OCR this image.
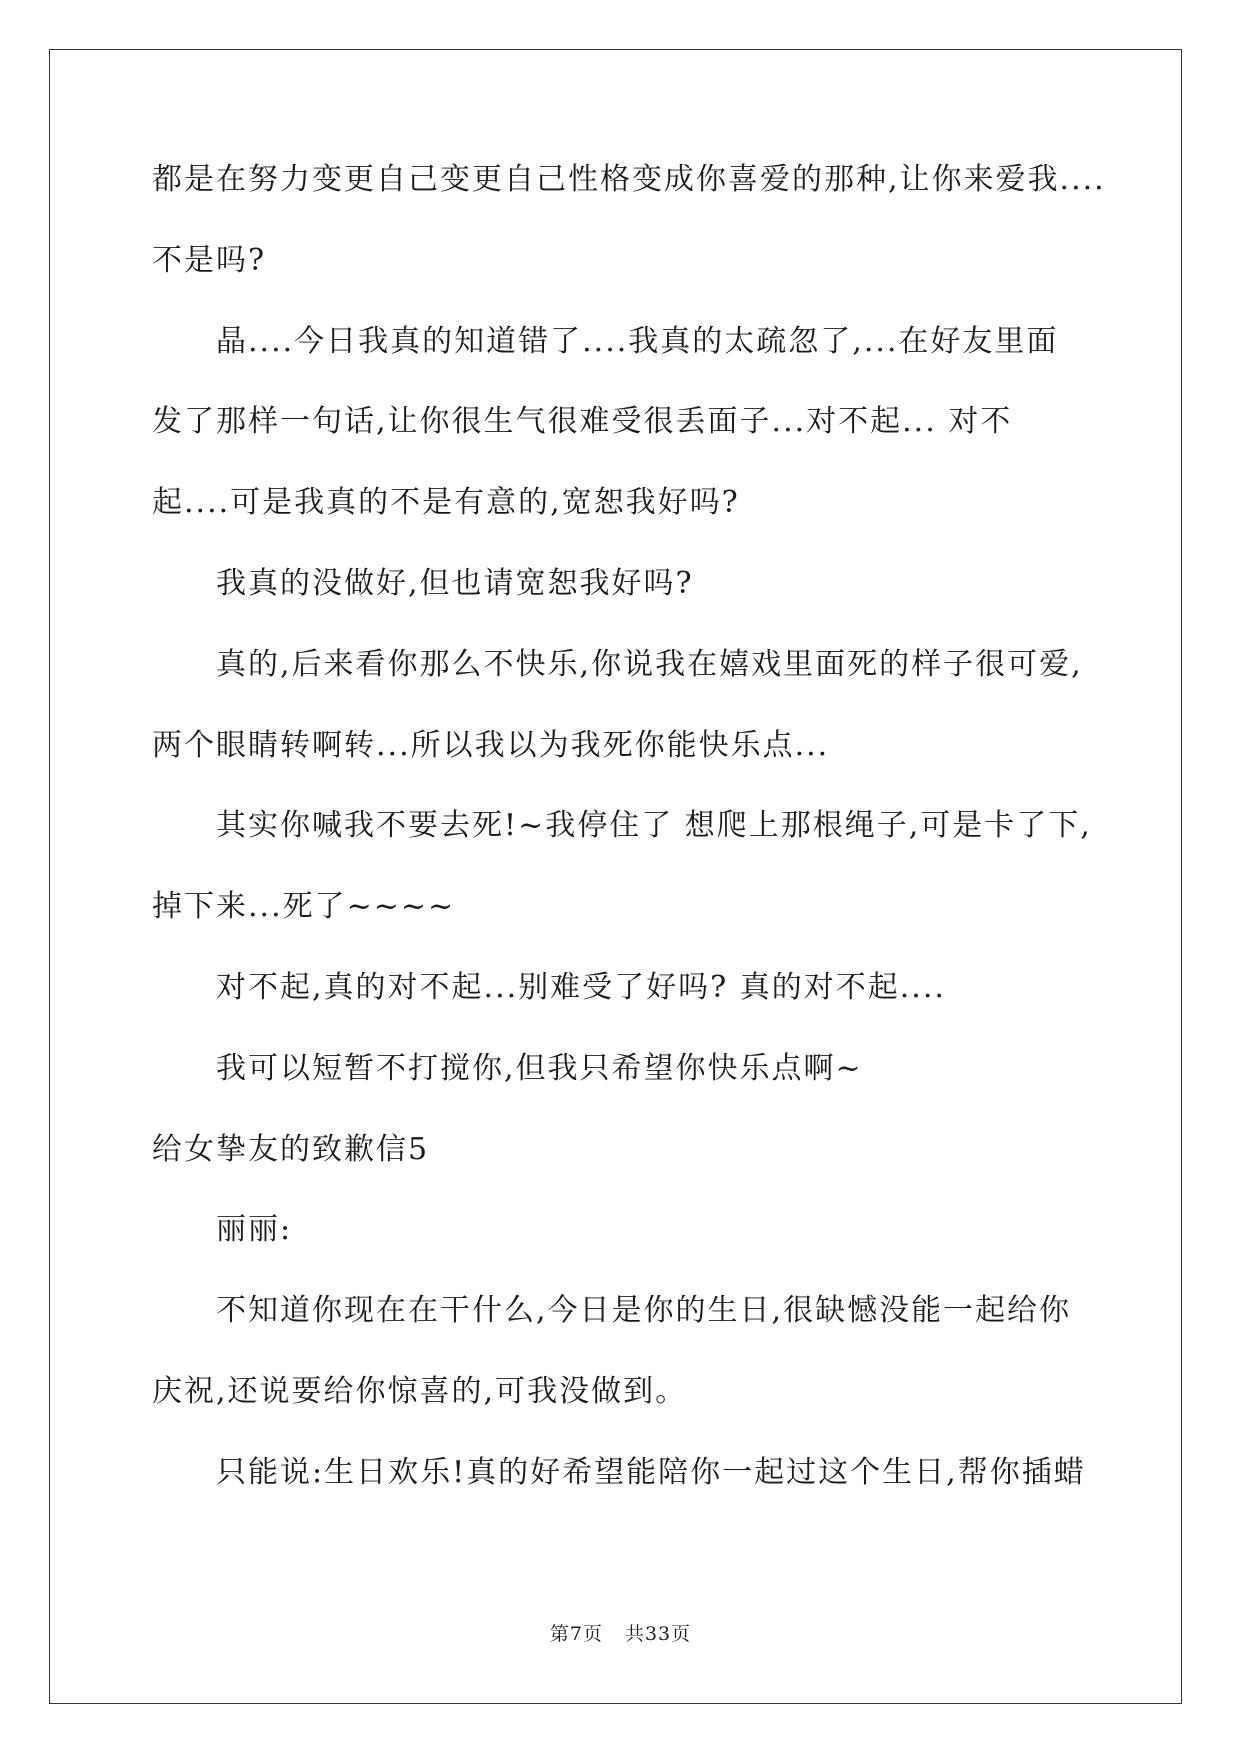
都是在努力变更自己变更自己性格变成你喜爱的那种,让你来爱我....
不是吗?
晶....今日我真的知道错了....我真的太疏忽了,...在好友里面
发了那样一句话,让你很生气很难受很丢面子...对不起... 对不
起....可是我真的不是有意的,宽恕我好吗?
我真的没做好,但也请宽恕我好吗?
真的,后来看你那么不快乐,你说我在嬉戏里面死的样子很可爱,
两个眼睛转啊转...所以我以为我死你能快乐点...
其实你喊我不要去死!~我停住了 想爬上那根绳子,可是卡了下,
掉下来...死了~~~~
对不起,真的对不起...别难受了好吗? 真的对不起....
我可以短暂不打搅你,但我只希望你快乐点啊~
给女挚友的致歉信5
丽丽:
不知道你现在在干什么,今日是你的生日,很缺憾没能一起给你
庆祝,还说要给你惊喜的,可我没做到。
只能说:生日欢乐!真的好希望能陪你一起过这个生日,帮你插蜡
第7页 共33页
